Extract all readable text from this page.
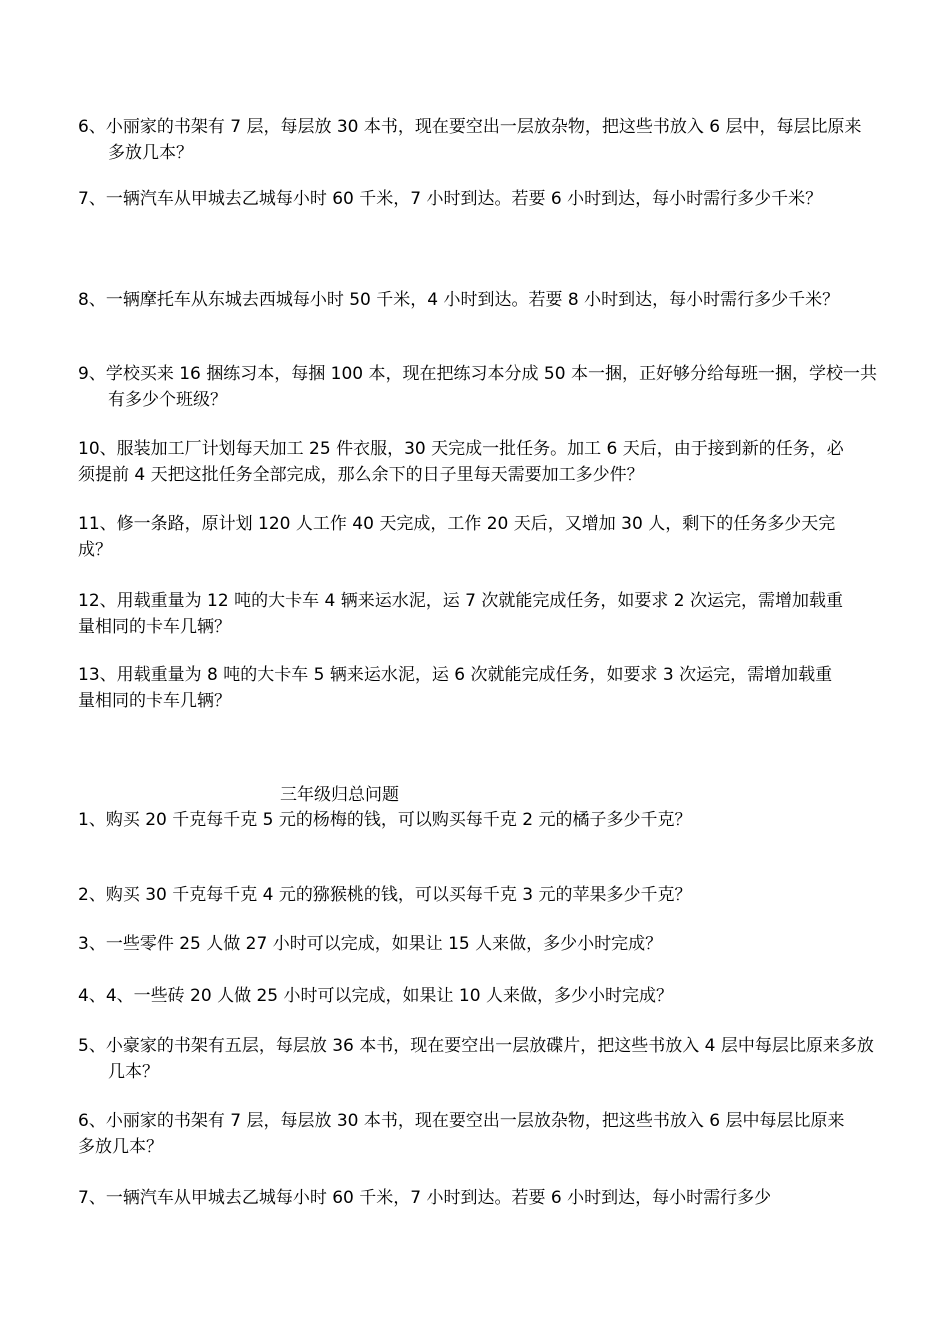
6、小丽家的书架有 7 层，每层放 30 本书，现在要空出一层放杂物，把这些书放入 6 层中，每层比原来多放几本？

7、一辆汽车从甲城去乙城每小时 60 千米，7 小时到达。若要 6 小时到达，每小时需行多少千米？

8、一辆摩托车从东城去西城每小时 50 千米，4 小时到达。若要 8 小时到达，每小时需行多少千米？

9、学校买来 16 捆练习本，每捆 100 本，现在把练习本分成 50 本一捆，正好够分给每班一捆，学校一共有多少个班级？

10、服装加工厂计划每天加工 25 件衣服，30 天完成一批任务。加工 6 天后，由于接到新的任务，必须提前 4 天把这批任务全部完成，那么余下的日子里每天需要加工多少件？

11、修一条路，原计划 120 人工作 40 天完成，工作 20 天后，又增加 30 人，剩下的任务多少天完成？

12、用载重量为 12 吨的大卡车 4 辆来运水泥，运 7 次就能完成任务，如要求 2 次运完，需增加载重量相同的卡车几辆？

13、用载重量为 8 吨的大卡车 5 辆来运水泥，运 6 次就能完成任务，如要求 3 次运完，需增加载重量相同的卡车几辆？

三年级归总问题

1、购买 20 千克每千克 5 元的杨梅的钱，可以购买每千克 2 元的橘子多少千克？

2、购买 30 千克每千克 4 元的猕猴桃的钱，可以买每千克 3 元的苹果多少千克？

3、一些零件 25 人做 27 小时可以完成，如果让 15 人来做，多少小时完成？

4、4、一些砖 20 人做 25 小时可以完成，如果让 10 人来做，多少小时完成？

5、小豪家的书架有五层，每层放 36 本书，现在要空出一层放碟片，把这些书放入 4 层中每层比原来多放几本？

6、小丽家的书架有 7 层，每层放 30 本书，现在要空出一层放杂物，把这些书放入 6 层中每层比原来多放几本？

7、一辆汽车从甲城去乙城每小时 60 千米，7 小时到达。若要 6 小时到达，每小时需行多少
